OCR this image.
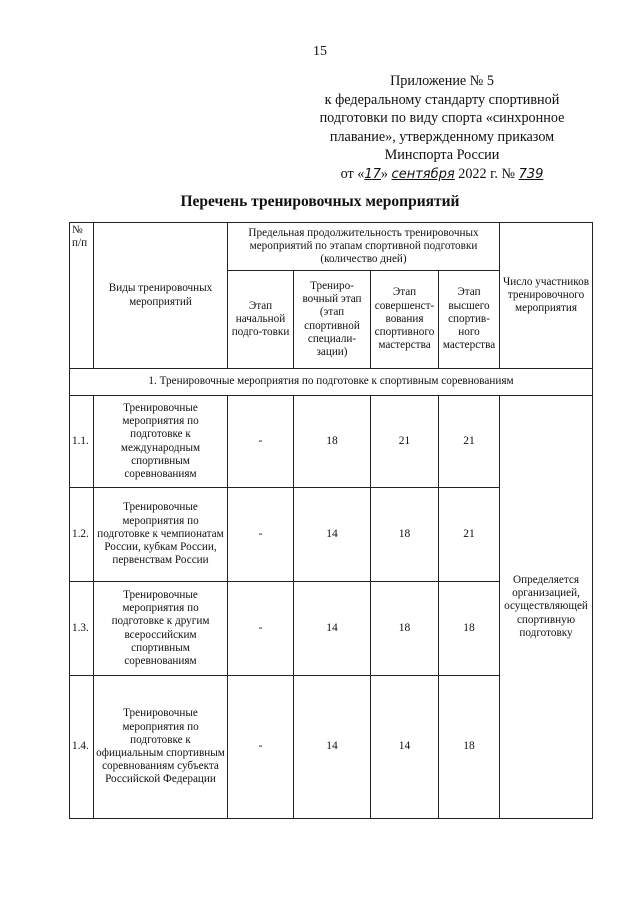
15
Приложение № 5
к федеральному стандарту спортивной
подготовки по виду спорта «синхронное
плавание», утвержденному приказом
Минспорта России
от «17» сентября 2022 г. № 739
Перечень тренировочных мероприятий
№ п/п	Виды тренировочных мероприятий	Предельная продолжительность тренировочных мероприятий по этапам спортивной подготовки (количество дней)				Число участников тренировочного мероприятия
		Этап начальной подго-товки	Трениро-вочный этап (этап спортивной специали-зации)	Этап совершенст-вования спортивного мастерства	Этап высшего спортив-ного мастерства	
1. Тренировочные мероприятия по подготовке к спортивным соревнованиям						
1.1.	Тренировочные мероприятия по подготовке к международным спортивным соревнованиям	-	18	21	21	Определяется организацией, осуществляющей спортивную подготовку
1.2.	Тренировочные мероприятия по подготовке к чемпионатам России, кубкам России, первенствам России	-	14	18	21	
1.3.	Тренировочные мероприятия по подготовке к другим всероссийским спортивным соревнованиям	-	14	18	18	
1.4.	Тренировочные мероприятия по подготовке к официальным спортивным соревнованиям субъекта Российской Федерации	-	14	14	18	
